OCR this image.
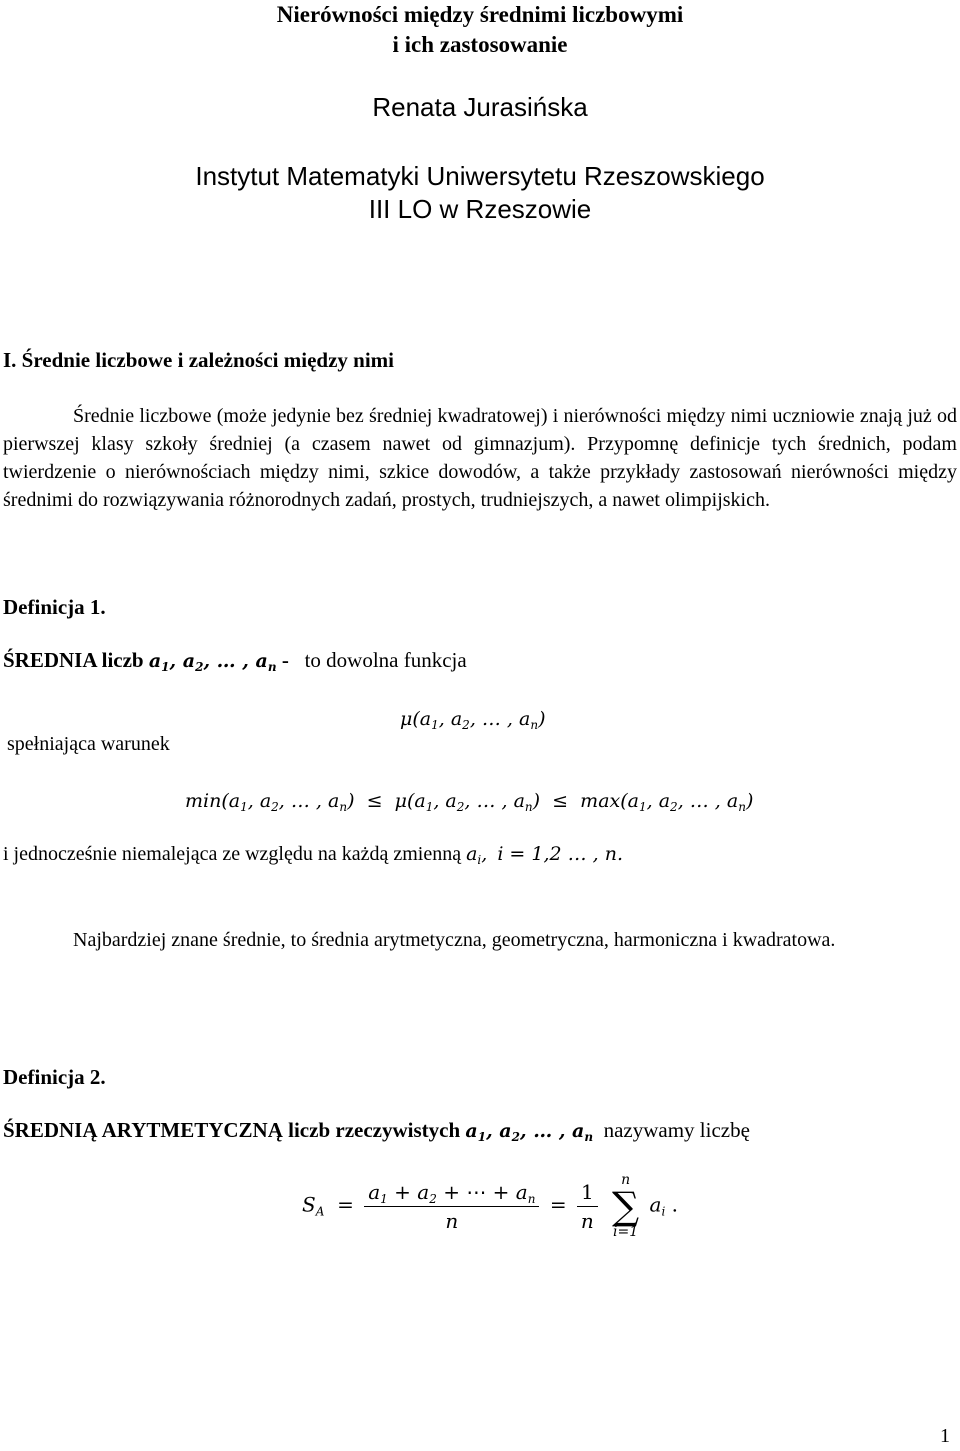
Nierówności między średnimi liczbowymi
i ich zastosowanie
Renata Jurasińska
Instytut Matematyki Uniwersytetu Rzeszowskiego
III LO w Rzeszowie
I. Średnie liczbowe i zależności między nimi
Średnie liczbowe (może jedynie bez średniej kwadratowej) i nierówności między nimi uczniowie znają już od pierwszej klasy szkoły średniej (a czasem nawet od gimnazjum). Przypomnę definicje tych średnich, podam twierdzenie o nierównościach między nimi, szkice dowodów, a także przykłady zastosowań nierówności między średnimi do rozwiązywania różnorodnych zadań, prostych, trudniejszych, a nawet olimpijskich.
Definicja 1.
ŚREDNIA liczb $a_1$, $a_2$, … , $a_n$ - to dowolna funkcja
$\mu(a_1$, $a_2$, … , $a_n$)
spełniająca warunek
$\min(a_1$, $a_2$, … , $a_n) \le \mu(a_1$, $a_2$, … , $a_n) \le \max(a_1$, $a_2$, … , $a_n$)
i jednocześnie niemalejąca ze względu na każdą zmienną $a_i$, i = 1,2 … , n.
Najbardziej znane średnie, to średnia arytmetyczna, geometryczna, harmoniczna i kwadratowa.
Definicja 2.
ŚREDNIĄ ARYTMETYCZNĄ liczb rzeczywistych $a_1$, $a_2$, … , $a_n$ nazywamy liczbę
$S_A = \frac{a_1 + a_2 + \cdots + a_n}{n} = \frac{1}{n}$
	n
∑
i=1
$a_i$ .
1
